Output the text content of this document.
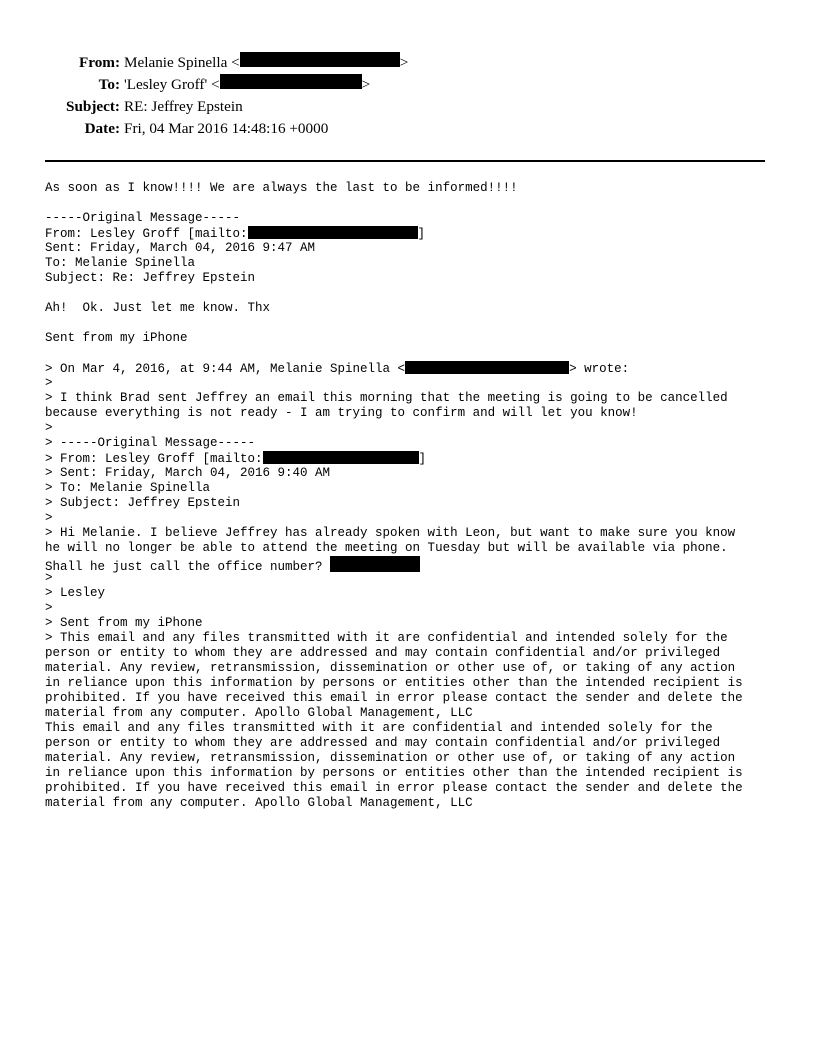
From: Melanie Spinella <	>
To: 'Lesley Groff' <	>
Subject: RE: Jeffrey Epstein
Date: Fri, 04 Mar 2016 14:48:16 +0000
As soon as I know!!!! We are always the last to be informed!!!!
-----Original Message-----
From: Lesley Groff [mailto:	]
Sent: Friday, March 04, 2016 9:47 AM
To: Melanie Spinella
Subject: Re: Jeffrey Epstein
Ah!  Ok. Just let me know. Thx
Sent from my iPhone
> On Mar 4, 2016, at 9:44 AM, Melanie Spinella <	> wrote:
>
> I think Brad sent Jeffrey an email this morning that the meeting is going to be cancelled
because everything is not ready - I am trying to confirm and will let you know!
>
> -----Original Message-----
> From: Lesley Groff [mailto:	]
> Sent: Friday, March 04, 2016 9:40 AM
> To: Melanie Spinella
> Subject: Jeffrey Epstein
>
> Hi Melanie. I believe Jeffrey has already spoken with Leon, but want to make sure you know
he will no longer be able to attend the meeting on Tuesday but will be available via phone.
Shall he just call the office number?
>
> Lesley
>
> Sent from my iPhone
> This email and any files transmitted with it are confidential and intended solely for the
person or entity to whom they are addressed and may contain confidential and/or privileged
material. Any review, retransmission, dissemination or other use of, or taking of any action
in reliance upon this information by persons or entities other than the intended recipient is
prohibited. If you have received this email in error please contact the sender and delete the
material from any computer. Apollo Global Management, LLC
This email and any files transmitted with it are confidential and intended solely for the
person or entity to whom they are addressed and may contain confidential and/or privileged
material. Any review, retransmission, dissemination or other use of, or taking of any action
in reliance upon this information by persons or entities other than the intended recipient is
prohibited. If you have received this email in error please contact the sender and delete the
material from any computer. Apollo Global Management, LLC
